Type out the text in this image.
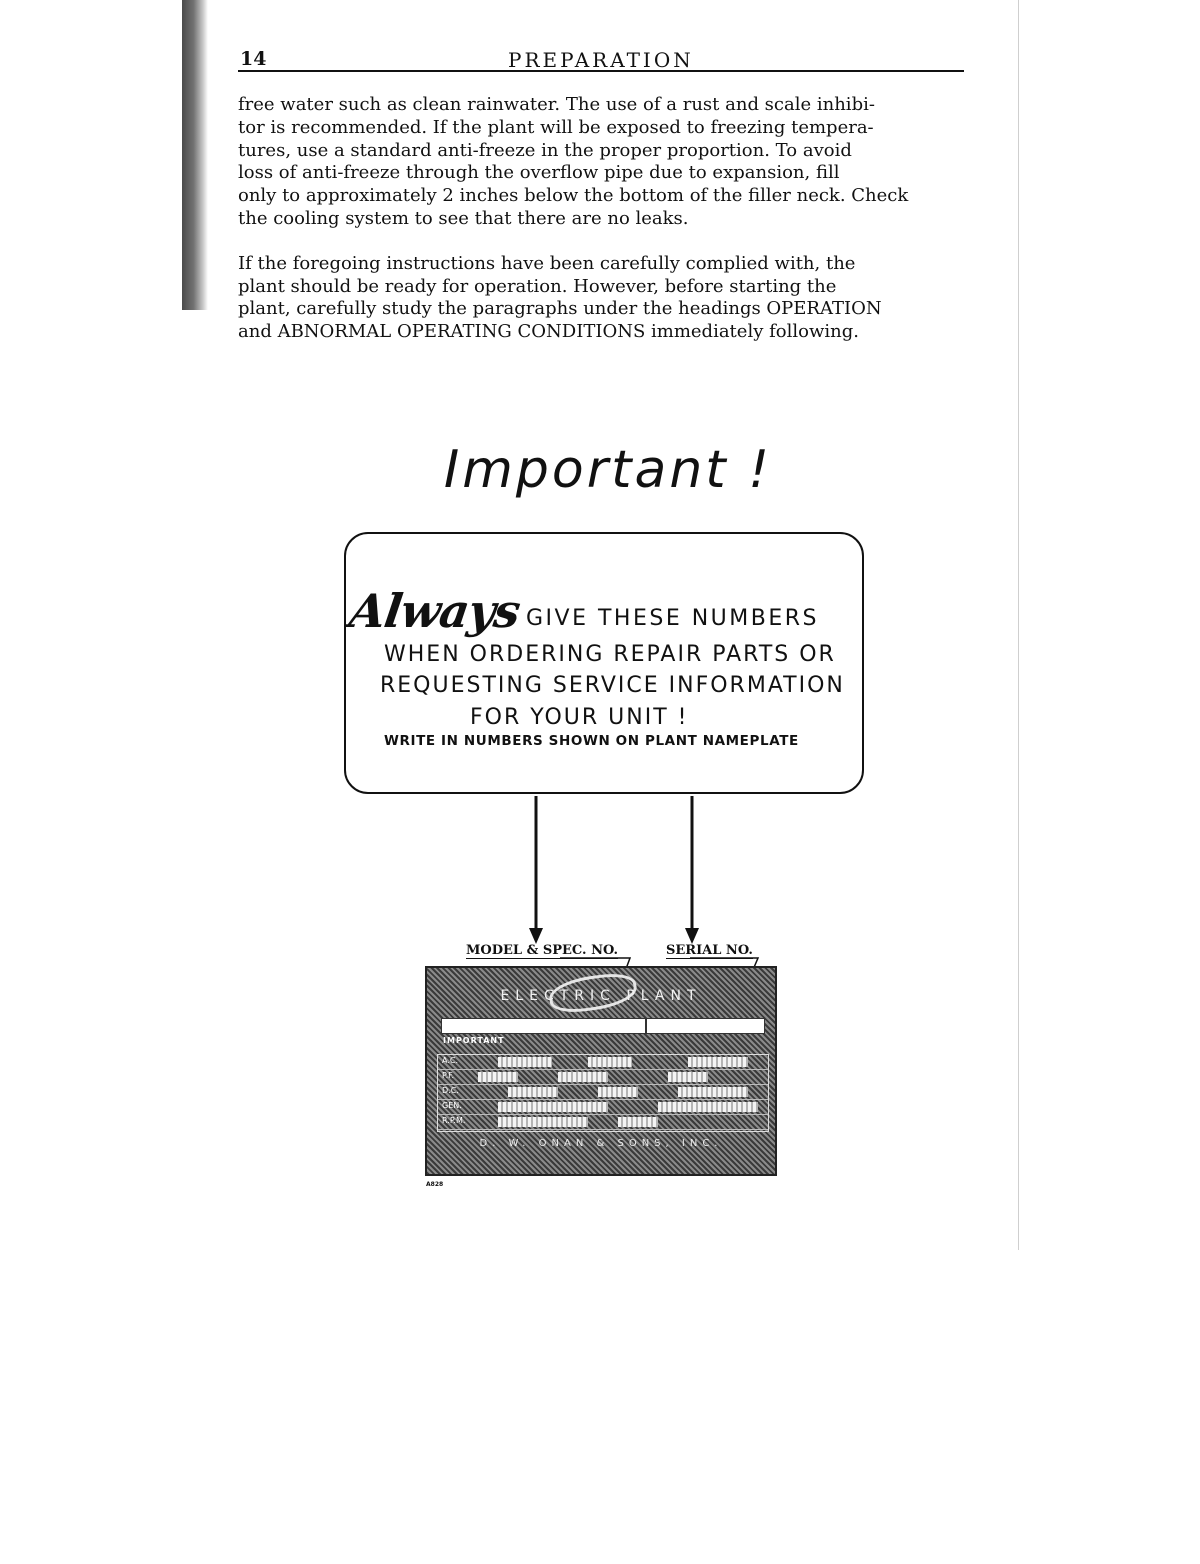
14	PREPARATION
free water such as clean rainwater. The use of a rust and scale inhibi-
tor is recommended. If the plant will be exposed to freezing tempera-
tures, use a standard anti-freeze in the proper proportion. To avoid
loss of anti-freeze through the overflow pipe due to expansion, fill
only to approximately 2 inches below the bottom of the filler neck. Check
the cooling system to see that there are no leaks.
If the foregoing instructions have been carefully complied with, the
plant should be ready for operation. However, before starting the
plant, carefully study the paragraphs under the headings OPERATION
and ABNORMAL OPERATING CONDITIONS immediately following.
Important !
Always GIVE THESE NUMBERS
WHEN ORDERING REPAIR PARTS OR
REQUESTING SERVICE INFORMATION
FOR YOUR UNIT !
WRITE IN NUMBERS SHOWN ON PLANT NAMEPLATE
MODEL & SPEC. NO.	SERIAL NO.
ELECTRIC PLANT
IMPORTANT
A.C.
P.F.
D.C.
GEN.
R.P.M.
D. W. ONAN & SONS, INC.
A828
